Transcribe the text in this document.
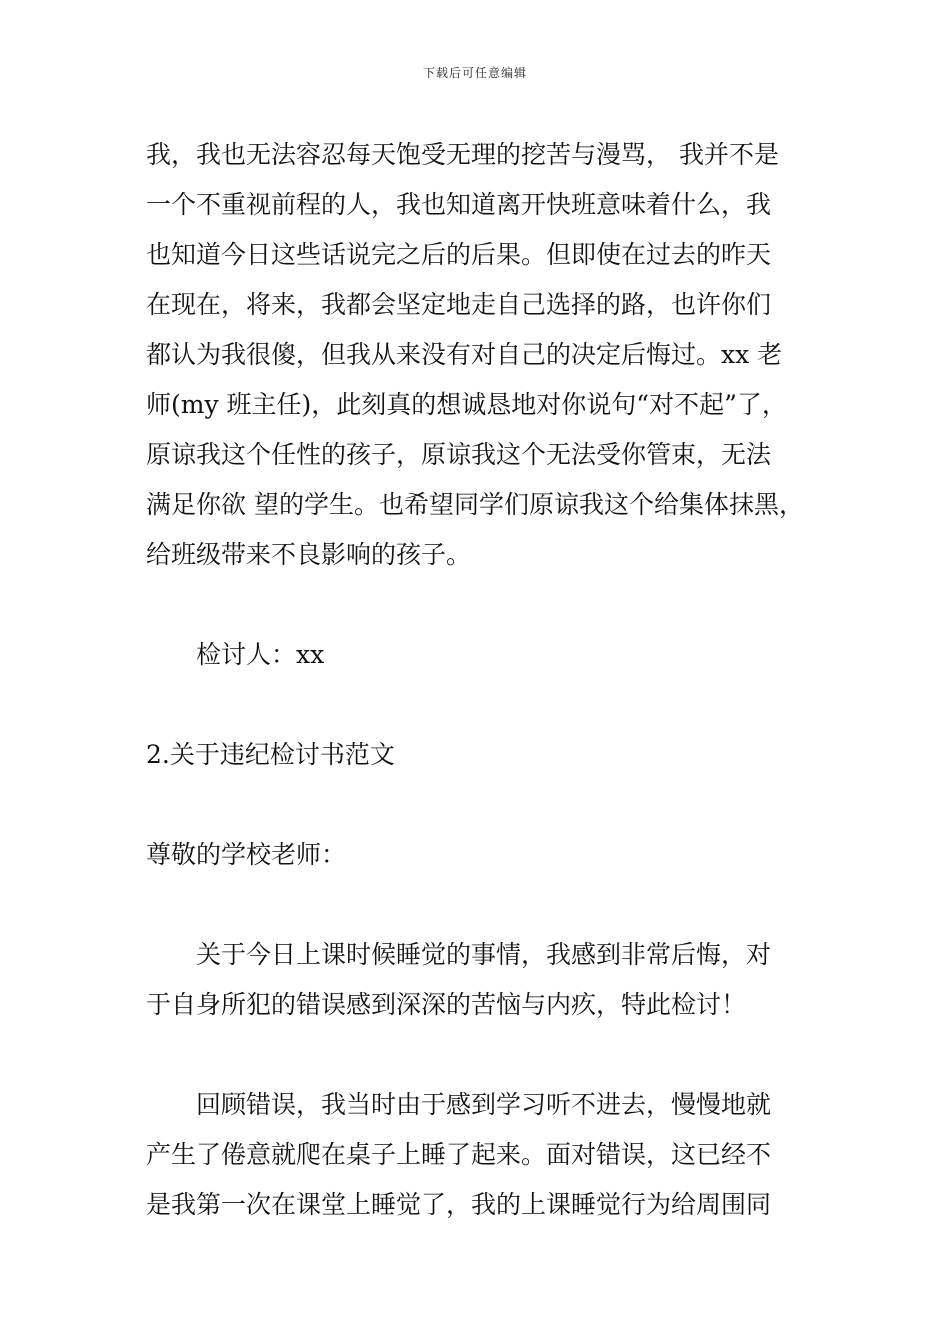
下载后可任意编辑
我，我也无法容忍每天饱受无理的挖苦与漫骂， 我并不是
一个不重视前程的人，我也知道离开快班意味着什么，我
也知道今日这些话说完之后的后果。但即使在过去的昨天
在现在，将来，我都会坚定地走自己选择的路，也许你们
都认为我很傻，但我从来没有对自己的决定后悔过。xx 老
师(my 班主任)，此刻真的想诚恳地对你说句“对不起”了，
原谅我这个任性的孩子，原谅我这个无法受你管束，无法
满足你欲 望的学生。也希望同学们原谅我这个给集体抹黑，
给班级带来不良影响的孩子。
检讨人：xx
2.关于违纪检讨书范文
尊敬的学校老师：
关于今日上课时候睡觉的事情，我感到非常后悔，对
于自身所犯的错误感到深深的苦恼与内疚，特此检讨！
回顾错误，我当时由于感到学习听不进去，慢慢地就
产生了倦意就爬在桌子上睡了起来。面对错误，这已经不
是我第一次在课堂上睡觉了，我的上课睡觉行为给周围同
